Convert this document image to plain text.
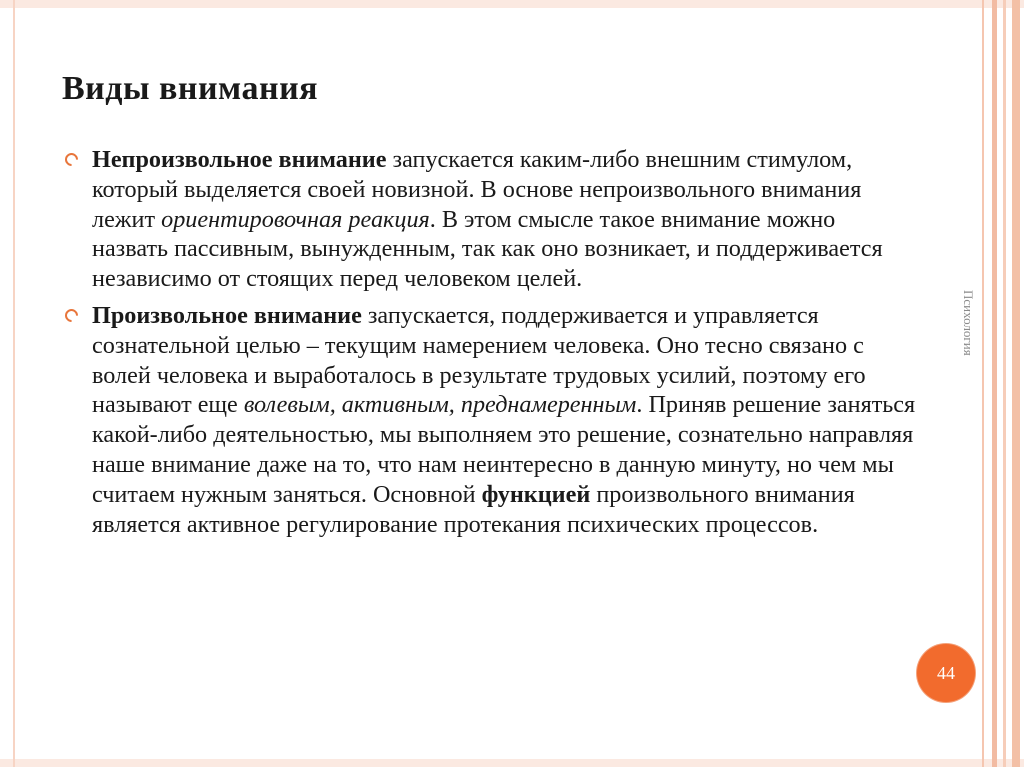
Виды внимания
Непроизвольное внимание запускается каким-либо внешним стимулом, который выделяется своей новизной. В основе непроизвольного внимания лежит ориентировочная реакция. В этом смысле такое внимание можно назвать пассивным, вынужденным, так как оно возникает, и поддерживается независимо от стоящих перед человеком целей.
Произвольное внимание запускается, поддерживается и управляется сознательной целью – текущим намерением человека. Оно тесно связано с волей человека и выработалось в результате трудовых усилий, поэтому его называют еще волевым, активным, преднамеренным. Приняв решение заняться какой-либо деятельностью, мы выполняем это решение, сознательно направляя наше внимание даже на то, что нам неинтересно в данную минуту, но чем мы считаем нужным заняться. Основной функцией произвольного внимания является активное регулирование протекания психических процессов.
Психология
44
